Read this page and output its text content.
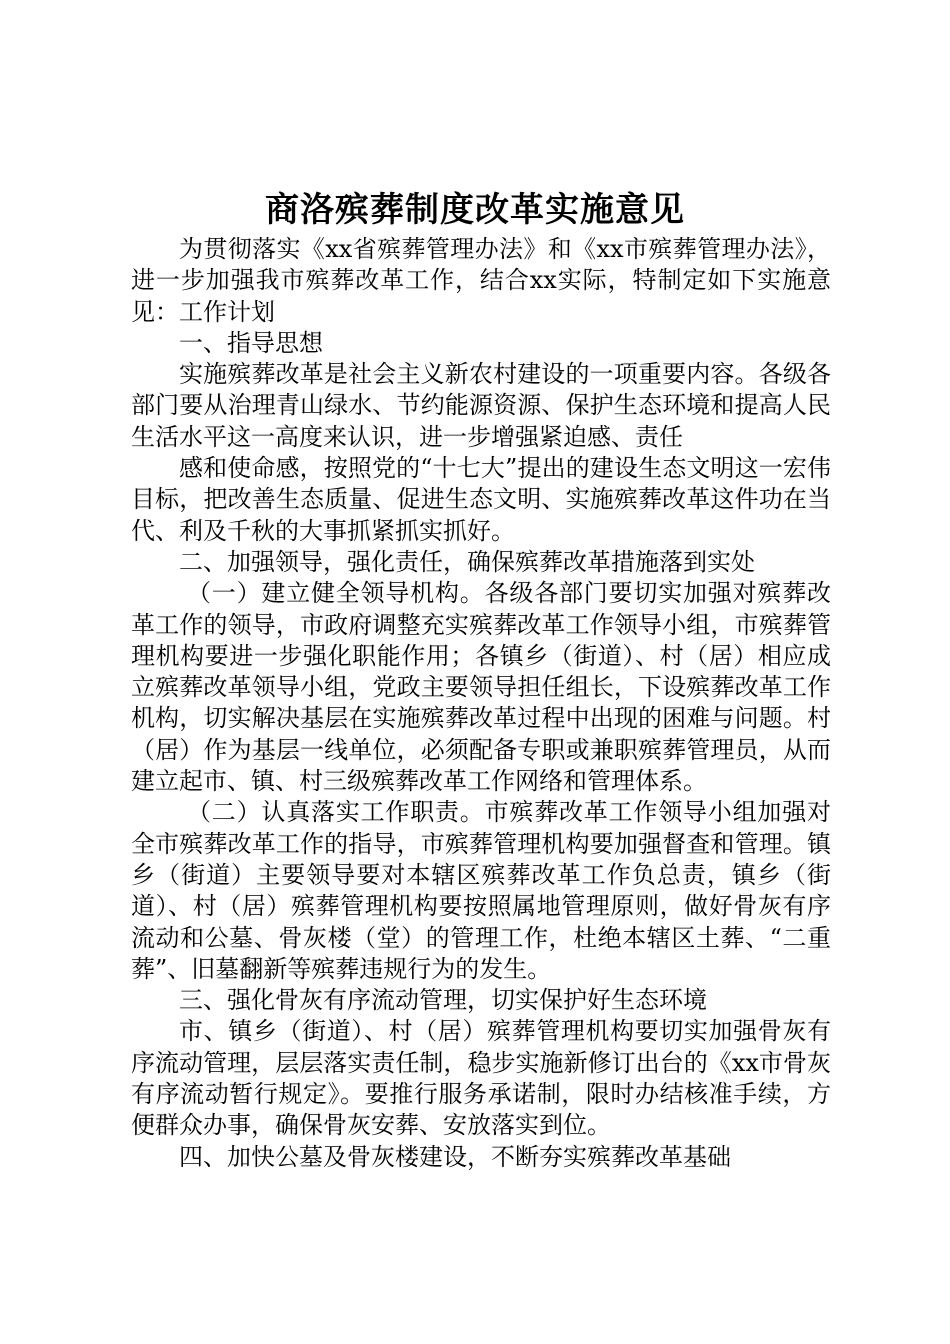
商洛殡葬制度改革实施意见

为贯彻落实《xx省殡葬管理办法》和《xx市殡葬管理办法》，进一步加强我市殡葬改革工作，结合xx实际，特制定如下实施意见：工作计划

一、指导思想

实施殡葬改革是社会主义新农村建设的一项重要内容。各级各部门要从治理青山绿水、节约能源资源、保护生态环境和提高人民生活水平这一高度来认识，进一步增强紧迫感、责任

感和使命感，按照党的“十七大”提出的建设生态文明这一宏伟目标，把改善生态质量、促进生态文明、实施殡葬改革这件功在当代、利及千秋的大事抓紧抓实抓好。

二、加强领导，强化责任，确保殡葬改革措施落到实处

（一）建立健全领导机构。各级各部门要切实加强对殡葬改革工作的领导，市政府调整充实殡葬改革工作领导小组，市殡葬管理机构要进一步强化职能作用；各镇乡（街道）、村（居）相应成立殡葬改革领导小组，党政主要领导担任组长，下设殡葬改革工作机构，切实解决基层在实施殡葬改革过程中出现的困难与问题。村（居）作为基层一线单位，必须配备专职或兼职殡葬管理员，从而建立起市、镇、村三级殡葬改革工作网络和管理体系。

（二）认真落实工作职责。市殡葬改革工作领导小组加强对全市殡葬改革工作的指导，市殡葬管理机构要加强督查和管理。镇乡（街道）主要领导要对本辖区殡葬改革工作负总责，镇乡（街道）、村（居）殡葬管理机构要按照属地管理原则，做好骨灰有序流动和公墓、骨灰楼（堂）的管理工作，杜绝本辖区土葬、“二重葬”、旧墓翻新等殡葬违规行为的发生。

三、强化骨灰有序流动管理，切实保护好生态环境

市、镇乡（街道）、村（居）殡葬管理机构要切实加强骨灰有序流动管理，层层落实责任制，稳步实施新修订出台的《xx市骨灰有序流动暂行规定》。要推行服务承诺制，限时办结核准手续，方便群众办事，确保骨灰安葬、安放落实到位。

四、加快公墓及骨灰楼建设，不断夯实殡葬改革基础
